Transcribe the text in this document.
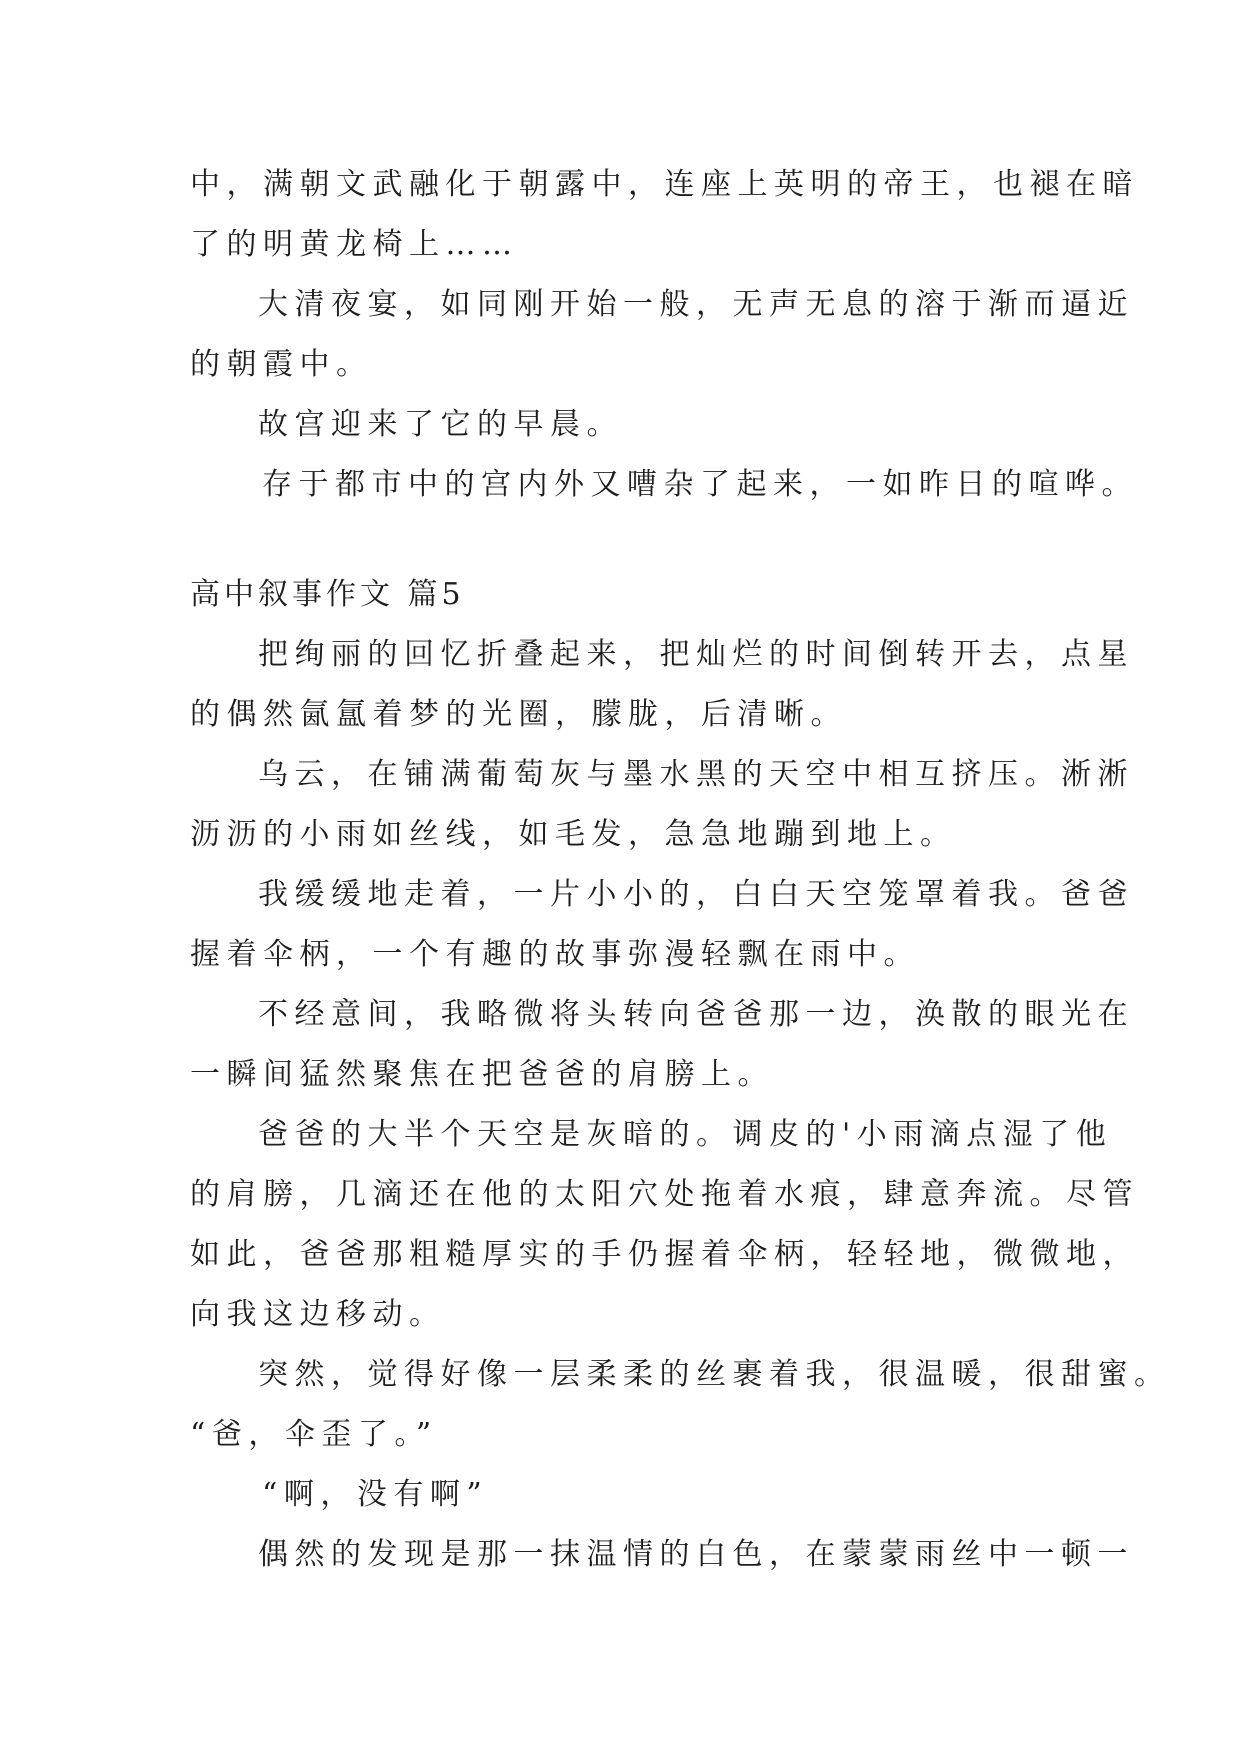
中，满朝文武融化于朝露中，连座上英明的帝王，也褪在暗
了的明黄龙椅上……
大清夜宴，如同刚开始一般，无声无息的溶于渐而逼近
的朝霞中。
故宫迎来了它的早晨。
存于都市中的宫内外又嘈杂了起来，一如昨日的喧哗。
高中叙事作文 篇5
把绚丽的回忆折叠起来，把灿烂的时间倒转开去，点星
的偶然氤氲着梦的光圈，朦胧，后清晰。
乌云，在铺满葡萄灰与墨水黑的天空中相互挤压。淅淅
沥沥的小雨如丝线，如毛发，急急地蹦到地上。
我缓缓地走着，一片小小的，白白天空笼罩着我。爸爸
握着伞柄，一个有趣的故事弥漫轻飘在雨中。
不经意间，我略微将头转向爸爸那一边，涣散的眼光在
一瞬间猛然聚焦在把爸爸的肩膀上。
爸爸的大半个天空是灰暗的。调皮的'小雨滴点湿了他
的肩膀，几滴还在他的太阳穴处拖着水痕，肆意奔流。尽管
如此，爸爸那粗糙厚实的手仍握着伞柄，轻轻地，微微地，
向我这边移动。
突然，觉得好像一层柔柔的丝裹着我，很温暖，很甜蜜。
“爸，伞歪了。”
“啊，没有啊”
偶然的发现是那一抹温情的白色，在蒙蒙雨丝中一顿一
